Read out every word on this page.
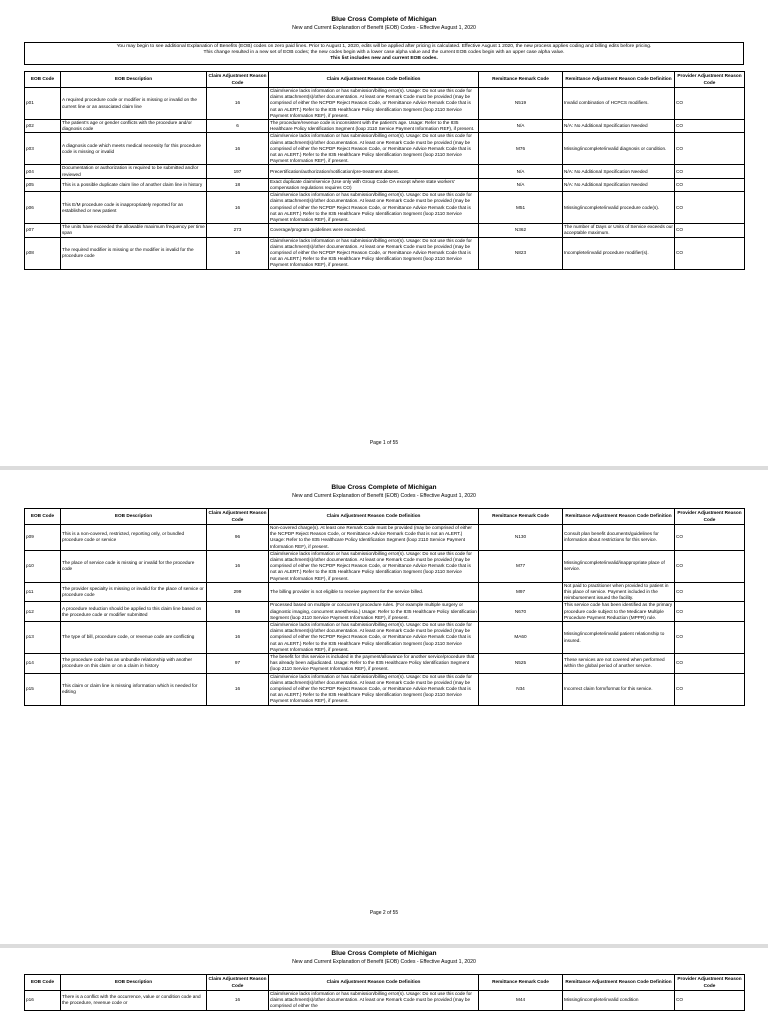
Blue Cross Complete of Michigan
New and Current Explanation of Benefit (EOB) Codes - Effective August 1, 2020
You may begin to see additional Explanation of Benefits (EOB) codes on zero paid lines. Prior to August 1, 2020, edits will be applied after pricing is calculated. Effective August 1 2020, the new process applies coding and billing edits before pricing.
This change resulted in a new set of EOB codes; the new codes begin with a lower case alpha value and the current EOB codes begin with an upper case alpha value.
This list includes new and current EOB codes.
EOB Code	EOB Description	Claim Adjustment Reason Code	Claim Adjustment Reason Code Definition	Remittance Remark Code	Remittance Adjustment Reason Code Definition	Provider Adjustment Reason Code
p01	A required procedure code or modifier is missing or invalid on the current line or an associated claim line	16	Claim/service lacks information or has submission/billing error(s). Usage: Do not use this code for claims attachment(s)/other documentation. At least one Remark Code must be provided (may be comprised of either the NCPDP Reject Reason Code, or Remittance Advice Remark Code that is not an ALERT.) Refer to the 835 Healthcare Policy Identification Segment (loop 2110 Service Payment Information REF), if present.	N519	Invalid combination of HCPCS modifiers.	CO
p02	The patient's age or gender conflicts with the procedure and/or diagnosis code	6	The procedure/revenue code is inconsistent with the patient's age. Usage: Refer to the 835 Healthcare Policy Identification Segment (loop 2110 Service Payment Information REF), if present.	N/A	N/A: No Additional Specification Needed	CO
p03	A diagnosis code which meets medical necessity for this procedure code is missing or invalid	16	Claim/service lacks information or has submission/billing error(s). Usage: Do not use this code for claims attachment(s)/other documentation. At least one Remark Code must be provided (may be comprised of either the NCPDP Reject Reason Code, or Remittance Advice Remark Code that is not an ALERT.) Refer to the 835 Healthcare Policy Identification Segment (loop 2110 Service Payment Information REF), if present.	M76	Missing/incomplete/invalid diagnosis or condition.	CO
p04	Documentation or authorization is required to be submitted and/or reviewed	197	Precertification/authorization/notification/pre-treatment absent.	N/A	N/A: No Additional Specification Needed	CO
p05	This is a possible duplicate claim line of another claim line in history	18	Exact duplicate claim/service (Use only with Group Code OA except where state workers' compensation regulations requires CO)	N/A	N/A: No Additional Specification Needed	CO
p06	This E/M procedure code is inappropriately reported for an established or new patient	16	Claim/service lacks information or has submission/billing error(s). Usage: Do not use this code for claims attachment(s)/other documentation. At least one Remark Code must be provided (may be comprised of either the NCPDP Reject Reason Code, or Remittance Advice Remark Code that is not an ALERT.) Refer to the 835 Healthcare Policy Identification Segment (loop 2110 Service Payment Information REF), if present.	M51	Missing/incomplete/invalid procedure code(s).	CO
p07	The units have exceeded the allowable maximum frequency per time span	273	Coverage/program guidelines were exceeded.	N362	The number of Days or Units of Service exceeds our acceptable maximum.	CO
p08	The required modifier is missing or the modifier is invalid for the procedure code	16	Claim/service lacks information or has submission/billing error(s). Usage: Do not use this code for claims attachment(s)/other documentation. At least one Remark Code must be provided (may be comprised of either the NCPDP Reject Reason Code, or Remittance Advice Remark Code that is not an ALERT.) Refer to the 835 Healthcare Policy Identification Segment (loop 2110 Service Payment Information REF), if present.	N823	Incomplete/invalid procedure modifier(s).	CO
Page 1 of 55
Blue Cross Complete of Michigan
New and Current Explanation of Benefit (EOB) Codes - Effective August 1, 2020
EOB Code	EOB Description	Claim Adjustment Reason Code	Claim Adjustment Reason Code Definition	Remittance Remark Code	Remittance Adjustment Reason Code Definition	Provider Adjustment Reason Code
p09	This is a non-covered, restricted, reporting only, or bundled procedure code or service	96	Non-covered charge(s). At least one Remark Code must be provided (may be comprised of either the NCPDP Reject Reason Code, or Remittance Advice Remark Code that is not an ALERT.) Usage: Refer to the 835 Healthcare Policy Identification Segment (loop 2110 Service Payment Information REF), if present.	N130	Consult plan benefit documents/guidelines for information about restrictions for this service.	CO
p10	The place of service code is missing or invalid for the procedure code	16	Claim/service lacks information or has submission/billing error(s). Usage: Do not use this code for claims attachment(s)/other documentation. At least one Remark Code must be provided (may be comprised of either the NCPDP Reject Reason Code, or Remittance Advice Remark Code that is not an ALERT.) Refer to the 835 Healthcare Policy Identification Segment (loop 2110 Service Payment Information REF), if present.	M77	Missing/incomplete/invalid/inappropriate place of service.	CO
p11	The provider specialty is missing or invalid for the place of service or procedure code	299	The billing provider is not eligible to receive payment for the service billed.	M97	Not paid to practitioner when provided to patient in this place of service. Payment included in the reimbursement issued the facility.	CO
p12	A procedure reduction should be applied to this claim line based on the procedure code or modifier submitted	59	Processed based on multiple or concurrent procedure rules. (For example multiple surgery or diagnostic imaging, concurrent anesthesia.) Usage: Refer to the 835 Healthcare Policy Identification Segment (loop 2110 Service Payment Information REF), if present.	N670	This service code has been identified as the primary procedure code subject to the Medicare Multiple Procedure Payment Reduction (MPPR) rule.	CO
p13	The type of bill, procedure code, or revenue code are conflicting	16	Claim/service lacks information or has submission/billing error(s). Usage: Do not use this code for claims attachment(s)/other documentation. At least one Remark Code must be provided (may be comprised of either the NCPDP Reject Reason Code, or Remittance Advice Remark Code that is not an ALERT.) Refer to the 835 Healthcare Policy Identification Segment (loop 2110 Service Payment Information REF), if present.	MA60	Missing/incomplete/invalid patient relationship to insured.	CO
p14	The procedure code has an unbundle relationship with another procedure on this claim or on a claim in history	97	The benefit for this service is included in the payment/allowance for another service/procedure that has already been adjudicated. Usage: Refer to the 835 Healthcare Policy Identification Segment (loop 2110 Service Payment Information REF), if present.	N525	These services are not covered when performed within the global period of another service.	CO
p15	This claim or claim line is missing information which is needed for editing	16	Claim/service lacks information or has submission/billing error(s). Usage: Do not use this code for claims attachment(s)/other documentation. At least one Remark Code must be provided (may be comprised of either the NCPDP Reject Reason Code, or Remittance Advice Remark Code that is not an ALERT.) Refer to the 835 Healthcare Policy Identification Segment (loop 2110 Service Payment Information REF), if present.	N34	Incorrect claim form/format for this service.	CO
Page 2 of 55
Blue Cross Complete of Michigan
New and Current Explanation of Benefit (EOB) Codes - Effective August 1, 2020
EOB Code	EOB Description	Claim Adjustment Reason Code	Claim Adjustment Reason Code Definition	Remittance Remark Code	Remittance Adjustment Reason Code Definition	Provider Adjustment Reason Code
p16	There is a conflict with the occurrence, value or condition code and the procedure, revenue code or	16	Claim/service lacks information or has submission/billing error(s). Usage: Do not use this code for claims attachment(s)/other documentation. At least one Remark Code must be provided (may be comprised of either the	M44	Missing/incomplete/invalid condition	CO
